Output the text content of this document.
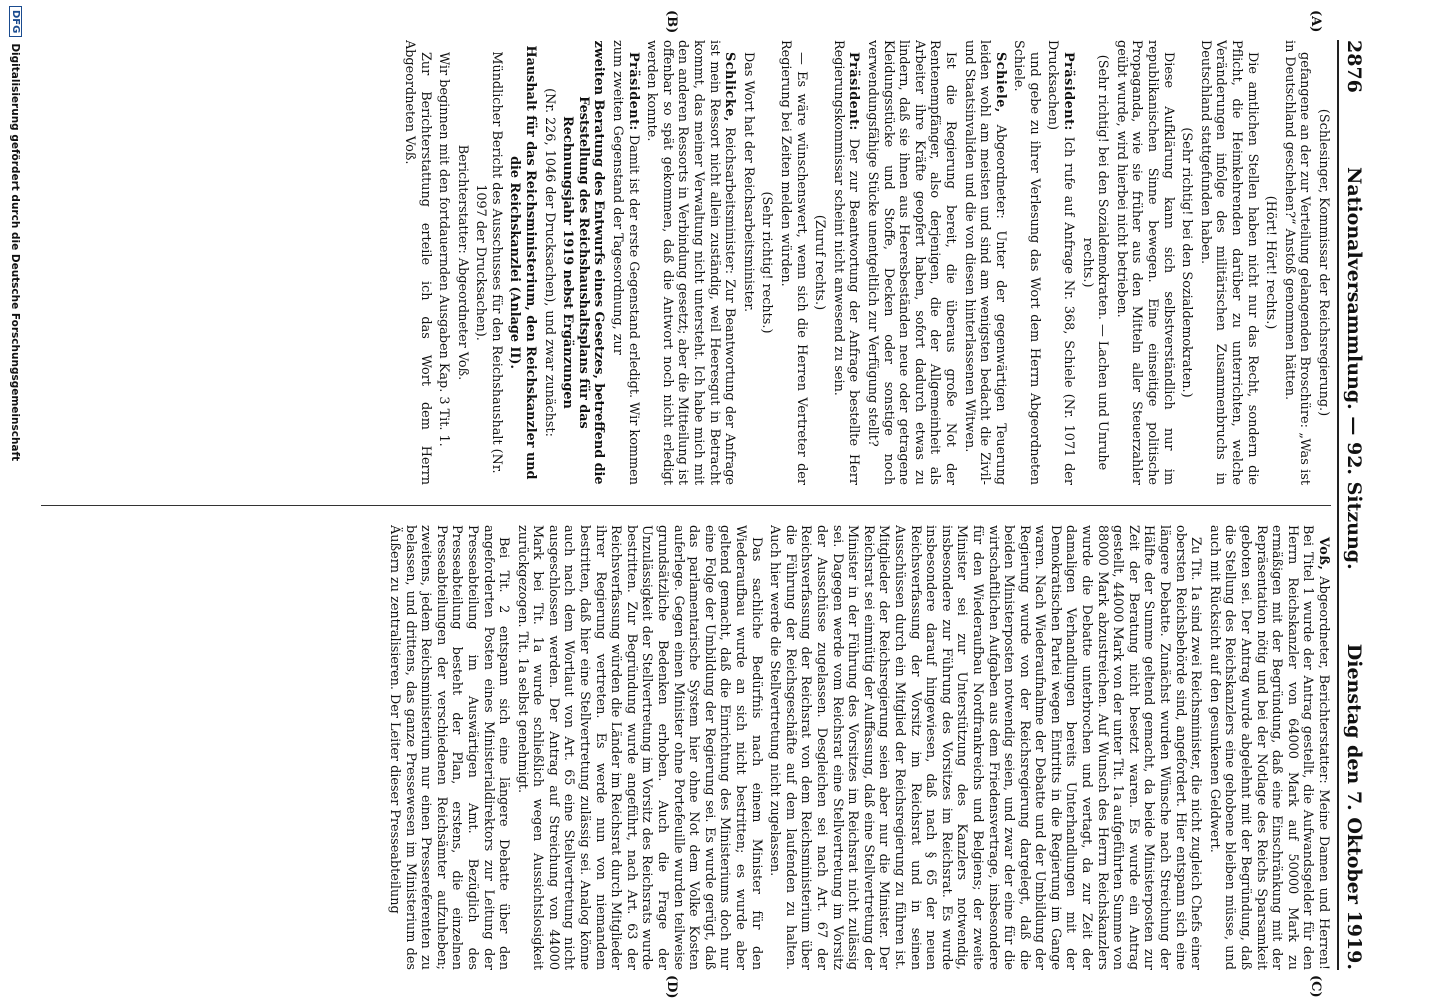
2876
Nationalversammlung. — 92. Sitzung.
Dienstag den 7. Oktober 1919.
(A)
(B)
(C)
(D)

(Schlesinger, Kommissar der Reichsregierung.)

gefangene an der zur Verteilung gelangenden Broschüre: „Was ist in Deutschland geschehen?“ Anstoß genommen hätten.

(Hört! Hört! rechts.)

Die amtlichen Stellen haben nicht nur das Recht, sondern die Pflicht, die Heimkehrenden darüber zu unterrichten, welche Veränderungen infolge des militärischen Zusammenbruchs in Deutschland stattgefunden haben.

(Sehr richtig! bei den Sozialdemokraten.)

Diese Aufklärung kann sich selbstverständlich nur im republikanischen Sinne bewegen. Eine einseitige politische Propaganda, wie sie früher aus den Mitteln aller Steuerzahler geübt wurde, wird hierbei nicht betrieben.

(Sehr richtig! bei den Sozialdemokraten. — Lachen und Unruhe rechts.)

Präsident: Ich rufe auf Anfrage Nr. 368, Schiele (Nr. 1071 der Drucksachen)

und gebe zu ihrer Verlesung das Wort dem Herrn Abgeordneten Schiele.

Schiele, Abgeordneter: Unter der gegenwärtigen Teuerung leiden wohl am meisten und sind am wenigsten bedacht die Zivil- und Staatsinvaliden und die von diesen hinterlassenen Witwen.

Ist die Regierung bereit, die überaus große Not der Rentenempfänger, also derjenigen, die der Allgemeinheit als Arbeiter ihre Kräfte geopfert haben, sofort dadurch etwas zu lindern, daß sie ihnen aus Heeresbeständen neue oder getragene Kleidungsstücke und Stoffe, Decken oder sonstige noch verwendungsfähige Stücke unentgeltlich zur Verfügung stellt?

Präsident: Der zur Beantwortung der Anfrage bestellte Herr Regierungskommissar scheint nicht anwesend zu sein.

(Zuruf rechts.)

— Es wäre wünschenswert, wenn sich die Herren Vertreter der Regierung bei Zeiten melden würden.

(Sehr richtig! rechts.)

Das Wort hat der Reichsarbeitsminister.

Schlicke, Reichsarbeitsminister: Zur Beantwortung der Anfrage ist mein Ressort nicht allein zuständig, weil Heeresgut in Betracht kommt, das meiner Verwaltung nicht untersteht. Ich habe mich mit den anderen Ressorts in Verbindung gesetzt; aber die Mitteilung ist offenbar so spät gekommen, daß die Antwort noch nicht erledigt werden konnte.

Präsident: Damit ist der erste Gegenstand erledigt. Wir kommen zum zweiten Gegenstand der Tagesordnung, zur

zweiten Beratung des Entwurfs eines Gesetzes, betreffend die Feststellung des Reichshaushaltsplans für das Rechnungsjahr 1919 nebst Ergänzungen

(Nr. 226, 1046 der Drucksachen), und zwar zunächst:

Haushalt für das Reichsministerium, den Reichskanzler und die Reichskanzlei (Anlage II).

Mündlicher Bericht des Ausschusses für den Reichshaushalt (Nr. 1097 der Drucksachen).

Berichterstatter: Abgeordneter Voß.

Wir beginnen mit den fortdauernden Ausgaben Kap. 3 Tit. 1.

Zur Berichterstattung erteile ich das Wort dem Herrn Abgeordneten Voß.

Voß, Abgeordneter, Berichterstatter: Meine Damen und Herren! Bei Titel 1 wurde der Antrag gestellt, die Aufwandsgelder für den Herrn Reichskanzler von 64000 Mark auf 50000 Mark zu ermäßigen mit der Begründung, daß eine Einschränkung mit der Repräsentation nötig und bei der Notlage des Reichs Sparsamkeit geboten sei. Der Antrag wurde abgelehnt mit der Begründung, daß die Stellung des Reichskanzlers eine gehobene bleiben müsse, und auch mit Rücksicht auf den gesunkenen Geldwert.

Zu Tit. 1a sind zwei Reichsminister, die nicht zugleich Chefs einer obersten Reichsbehörde sind, angefordert. Hier entspann sich eine längere Debatte. Zunächst wurden Wünsche nach Streichung der Hälfte der Summe geltend gemacht, da beide Ministerposten zur Zeit der Beratung nicht besetzt waren. Es wurde ein Antrag gestellt, 44000 Mark von der unter Tit. 1a aufgeführten Summe von 88000 Mark abzustreichen. Auf Wunsch des Herrn Reichskanzlers wurde die Debatte unterbrochen und vertagt, da zur Zeit der damaligen Verhandlungen bereits Unterhandlungen mit der Demokratischen Partei wegen Eintritts in die Regierung im Gange waren. Nach Wiederaufnahme der Debatte und der Umbildung der Regierung wurde von der Reichsregierung dargelegt, daß die beiden Ministerposten notwendig seien, und zwar der eine für die wirtschaftlichen Aufgaben aus dem Friedensvertrage, insbesondere für den Wiederaufbau Nordfrankreichs und Belgiens; der zweite Minister sei zur Unterstützung des Kanzlers notwendig, insbesondere zur Führung des Vorsitzes im Reichsrat. Es wurde insbesondere darauf hingewiesen, daß nach § 65 der neuen Reichsverfassung der Vorsitz im Reichsrat und in seinen Ausschüssen durch ein Mitglied der Reichsregierung zu führen ist. Mitglieder der Reichsregierung seien aber nur die Minister. Der Reichsrat sei einmütig der Auffassung, daß eine Stellvertretung der Minister in der Führung des Vorsitzes im Reichsrat nicht zulässig sei. Dagegen werde vom Reichsrat eine Stellvertretung im Vorsitz der Ausschüsse zugelassen. Desgleichen sei nach Art. 67 der Reichsverfassung der Reichsrat von dem Reichsministerium über die Führung der Reichsgeschäfte auf dem laufenden zu halten. Auch hier werde die Stellvertretung nicht zugelassen.

Das sachliche Bedürfnis nach einem Minister für den Wiederaufbau wurde an sich nicht bestritten; es wurde aber geltend gemacht, daß die Einrichtung des Ministeriums doch nur eine Folge der Umbildung der Regierung sei. Es wurde gerügt, daß das parlamentarische System hier ohne Not dem Volke Kosten auferlege. Gegen einen Minister ohne Portefeuille wurden teilweise grundsätzliche Bedenken erhoben. Auch die Frage der Unzulässigkeit der Stellvertretung im Vorsitz des Reichsrats wurde bestritten. Zur Begründung wurde angeführt, nach Art. 63 der Reichsverfassung würden die Länder im Reichsrat durch Mitglieder ihrer Regierung vertreten. Es werde nun von niemandem bestritten, daß hier eine Stellvertretung zulässig sei. Analog könne auch nach dem Wortlaut von Art. 65 eine Stellvertretung nicht ausgeschlossen werden. Der Antrag auf Streichung von 44000 Mark bei Tit. 1a wurde schließlich wegen Aussichtslosigkeit zurückgezogen. Tit. 1a selbst genehmigt.

Bei Tit. 2 entspann sich eine längere Debatte über den angeforderten Posten eines Ministerialdirektors zur Leitung der Presseabteilung im Auswärtigen Amt. Bezüglich des Presseabteilung besteht der Plan, erstens, die einzelnen Presseabteilungen der verschiedenen Reichsämter aufzuheben; zweitens, jedem Reichsministerium nur einen Pressereferenten zu belassen, und drittens, das ganze Pressewesen im Ministerium des Äußern zu zentralisieren. Der Leiter dieser Presseabteilung

DFG
Digitalisierung gefördert durch die Deutsche Forschungsgemeinschaft
